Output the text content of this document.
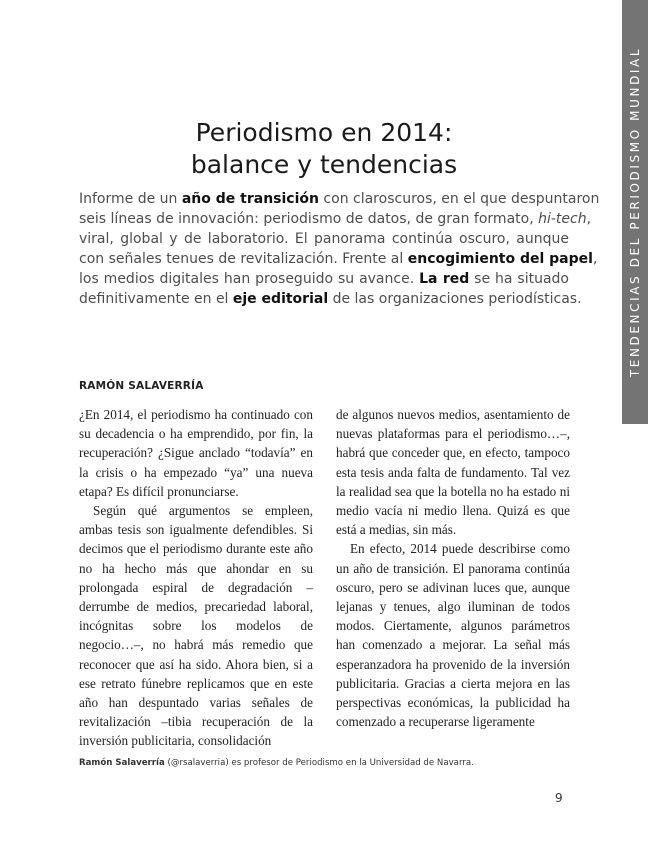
TENDENCIAS DEL PERIODISMO MUNDIAL
Periodismo en 2014:
balance y tendencias
Informe de un año de transición con claroscuros, en el que despuntaron
seis líneas de innovación: periodismo de datos, de gran formato, hi-tech,
viral, global y de laboratorio. El panorama continúa oscuro, aunque
con señales tenues de revitalización. Frente al encogimiento del papel,
los medios digitales han proseguido su avance. La red se ha situado
definitivamente en el eje editorial de las organizaciones periodísticas.
RAMÓN SALAVERRÍA

¿En 2014, el periodismo ha continuado con su decadencia o ha emprendido, por fin, la recuperación? ¿Sigue anclado “todavía” en la crisis o ha empezado “ya” una nueva etapa? Es difícil pronunciarse.

Según qué argumentos se empleen, ambas tesis son igualmente defendibles. Si decimos que el periodismo durante este año no ha hecho más que ahondar en su prolongada espiral de degradación –derrumbe de medios, precariedad laboral, incógnitas sobre los modelos de negocio…–, no habrá más remedio que reconocer que así ha sido. Ahora bien, si a ese retrato fúnebre replicamos que en este año han despuntado varias señales de revitalización –tibia recuperación de la inversión publicitaria, consolidación

de algunos nuevos medios, asentamiento de nuevas plataformas para el periodismo…–, habrá que conceder que, en efecto, tampoco esta tesis anda falta de fundamento. Tal vez la realidad sea que la botella no ha estado ni medio vacía ni medio llena. Quizá es que está a medias, sin más.

En efecto, 2014 puede describirse como un año de transición. El panorama continúa oscuro, pero se adivinan luces que, aunque lejanas y tenues, algo iluminan de todos modos. Ciertamente, algunos parámetros han comenzado a mejorar. La señal más esperanzadora ha provenido de la inversión publicitaria. Gracias a cierta mejora en las perspectivas económicas, la publicidad ha comenzado a recuperarse ligeramente

Ramón Salaverría (@rsalaverria) es profesor de Periodismo en la Universidad de Navarra.
9
